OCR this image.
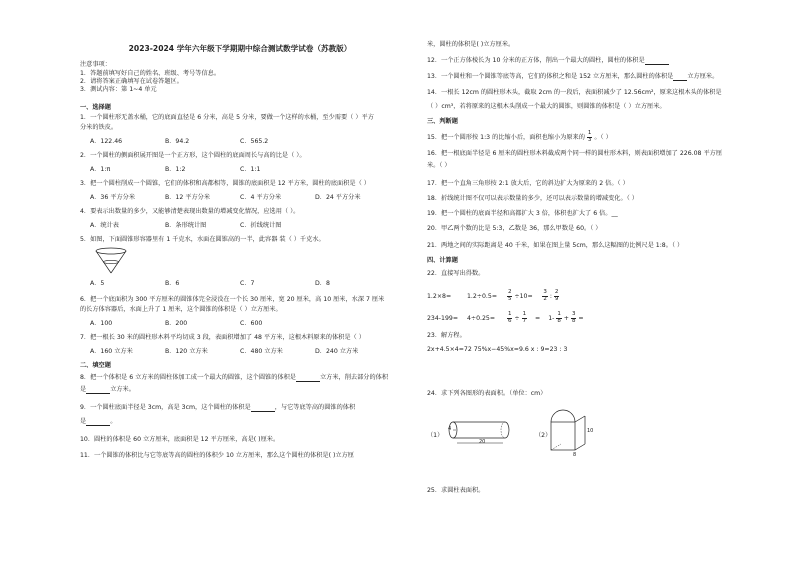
2023-2024 学年六年级下学期期中综合测试数学试卷（苏教版）
注意事项：
1．答题前填写好自己的姓名、班级、考号等信息。
2．请将答案正确填写在试卷答题区。
3．测试内容：第 1~4 单元
一、选择题
1．一个圆柱形无盖水桶，它的底面直径是 6 分米，高是 5 分米，要做一个这样的水桶，至少需要（ ）平方
分米的铁皮。
A．122.46	B．94.2	C．565.2
2．一个圆柱的侧面积展开图是一个正方形，这个圆柱的底面周长与高的比是（ ）。
A．1:π	B．1:2	C．1:1
3．把一个圆柱削成一个圆锥，它们的体积和高都相等，圆锥的底面积是 12 平方米，圆柱的底面积是（ ）
A．36 平方分米	B．12 平方分米	C．4 平方分米	D．24 平方分米
4．要表示出数量的多少，又能够清楚表现出数量的增减变化情况，应选用（ ）。
A．统计表	B．条形统计图	C．折线统计图
5．如图，下面圆锥形容器里有 1 千克水，水面在圆锥高的一半，此容器 装（ ）千克水。
A．5	B．6	C．7	D．8
6．把一个底面积为 300 平方厘米的圆锥体完全浸没在一个长 30 厘米，宽 20 厘米，高 10 厘米，水深 7 厘米
的长方体容器后，水面上升了 1 厘米，这个圆锥的体积是（ ）立方厘米。
A．100	B．200	C．600
7．把一根长 30 米的圆柱形木料平均切成 3 段，表面积增加了 48 平方米，这根木料原来的体积是（ ）
A．160 立方米	B．120 立方米	C．480 立方米	D．240 立方米
二、填空题
8．把一个体积是 6 立方米的圆柱体加工成一个最大的圆锥，这个圆锥的体积是	立方米，削去部分的体积
是	立方米。
9．一个圆柱底面半径是 3cm，高是 3cm，这个圆柱的体积是	，与它等底等高的圆锥的体积
是	。
10．圆柱的体积是 60 立方厘米，底面积是 12 平方厘米，高是( )厘米。
11．一个圆锥的体积比与它等底等高的圆柱的体积少 10 立方厘米，那么这个圆柱的体积是( )立方厘
米，圆柱的体积是( )立方厘米。
12．一个正方体棱长为 10 分米的正方体，削出一个最大的圆柱，圆柱的体积是
13．一个圆柱和一个圆锥等底等高，它们的体积之和是 152 立方厘米，那么圆柱的体积是 立方厘米。
14．一根长 12cm 的圆柱形木头，截取 2cm 的一段后，表面积减少了 12.56cm²，原来这根木头的体积是
（ ）cm³，若将原来的这根木头削成一个最大的圆锥，则圆锥的体积是（ ）立方厘米。
三、判断题
15．把一个圆形按 1:3 的比缩小后，面积也缩小为原来的 $\frac{1}{3}$ 。（ ）
16．把一根底面半径是 6 厘米的圆柱形木料截成两个同一样的圆柱形木料，则表面积增加了 226.08 平方厘
米。（ ）
17．把一个直角三角形按 2:1 放大后，它的斜边扩大为原来的 2 倍。（ ）
18．折线统计图不仅可以表示数量的多少，还可以表示数量的增减变化。（ ）
19．把一个圆柱的底面半径和高都扩大 3 倍，体积也扩大了 6 倍。__
20．甲乙两个数的比是 5:3，乙数是 36，那么甲数是 60。（ ）
21．两地之间的实际距离是 40 千米，如果在图上量 5cm，那么这幅图的比例尺是 1:8。（ ）
四、计算题
22．直接写出得数。
1.2×8=	$1.2\div 0.5= \frac{2}{5} \div 10= \frac{3}{2}$ : $\frac{2}{9}$
$234-199= 4\div 0.25= \frac{1}{6} \div \frac{1}{7} = 1- \frac{1}{8} + \frac{3}{8}$ =
23．解方程。
2x+4.5×4=72 75%x−45%x=9.6 x : 9=23 : 3
24．求下列各图形的表面积。（单位：cm）
（1）
4
20
（2）
10
8
25．求圆柱表面积。
